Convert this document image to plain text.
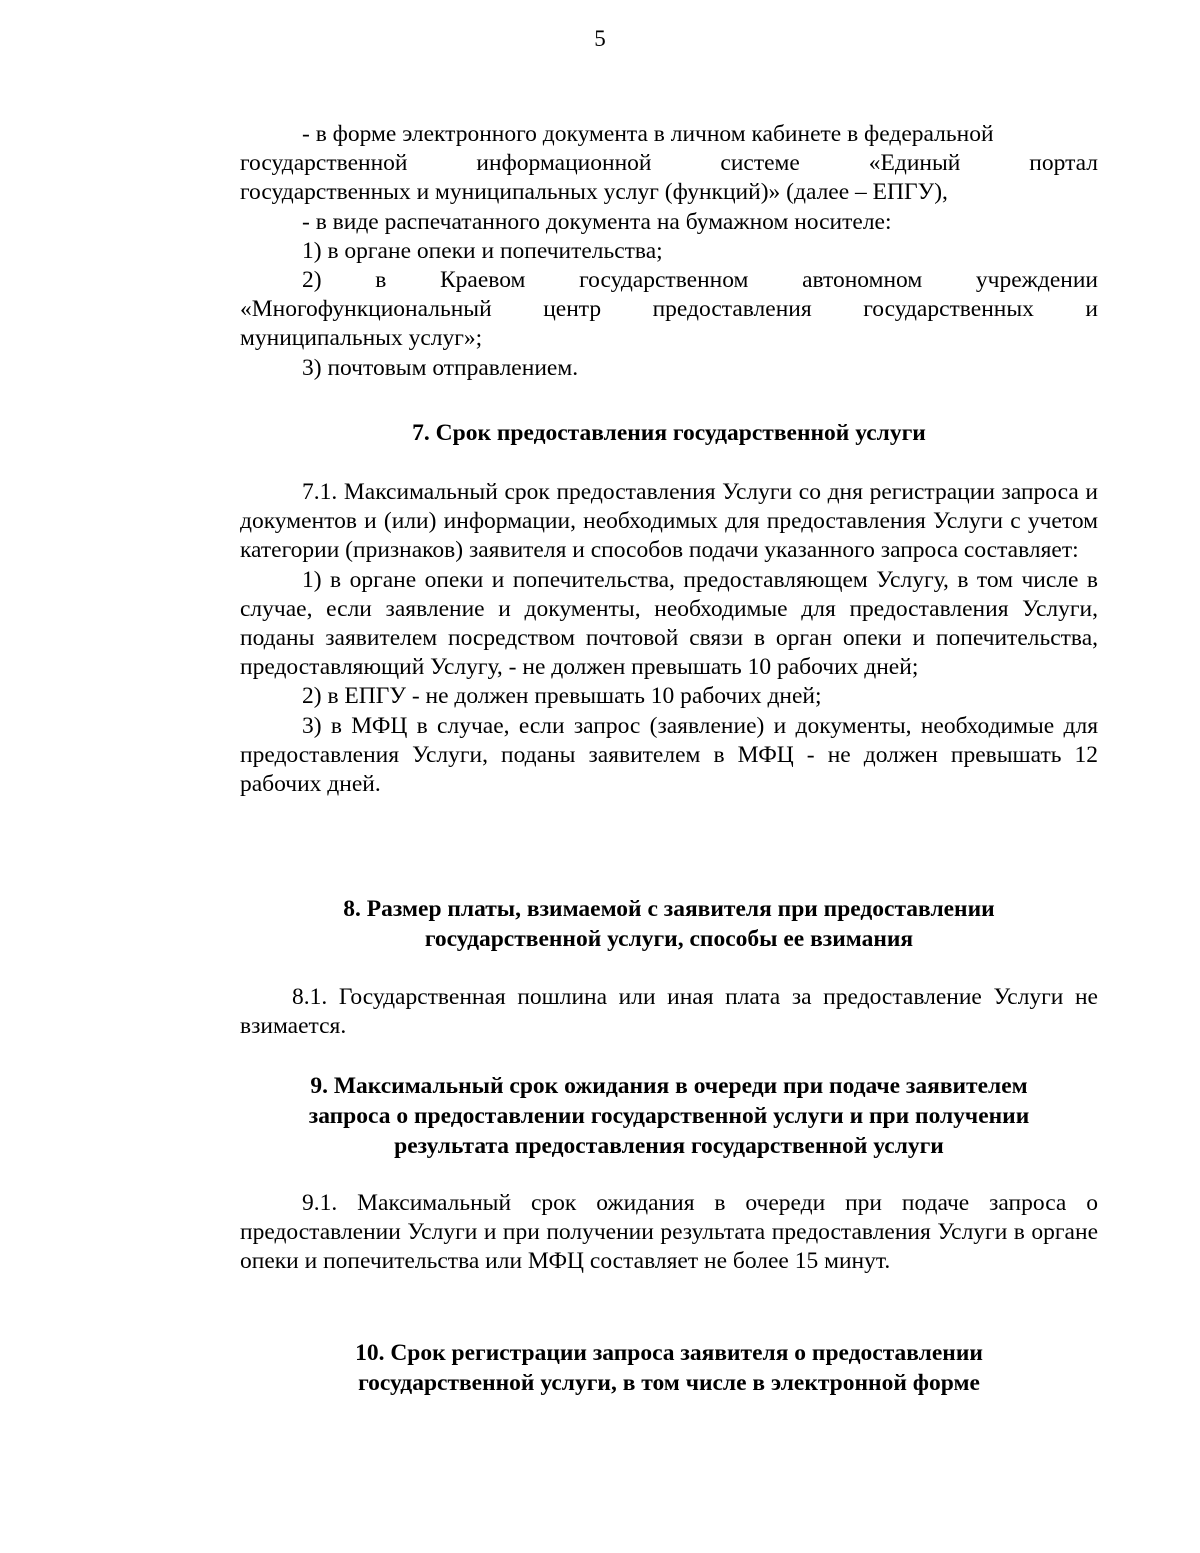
5

- в форме электронного документа в личном кабинете в федеральной

государственной информационной системе «Единый портал

государственных и муниципальных услуг (функций)» (далее – ЕПГУ),

- в виде распечатанного документа на бумажном носителе:

1) в органе опеки и попечительства;

2) в Краевом государственном автономном учреждении

«Многофункциональный центр предоставления государственных и

муниципальных услуг»;

3) почтовым отправлением.

7. Срок предоставления государственной услуги

7.1. Максимальный срок предоставления Услуги со дня регистрации запроса и документов и (или) информации, необходимых для предоставления Услуги с учетом категории (признаков) заявителя и способов подачи указанного запроса составляет:

1) в органе опеки и попечительства, предоставляющем Услугу, в том числе в случае, если заявление и документы, необходимые для предоставления Услуги, поданы заявителем посредством почтовой связи в орган опеки и попечительства, предоставляющий Услугу, - не должен превышать 10 рабочих дней;

2) в ЕПГУ - не должен превышать 10 рабочих дней;

3) в МФЦ в случае, если запрос (заявление) и документы, необходимые для предоставления Услуги, поданы заявителем в МФЦ - не должен превышать 12 рабочих дней.

8. Размер платы, взимаемой с заявителя при предоставлении
государственной услуги, способы ее взимания

8.1. Государственная пошлина или иная плата за предоставление Услуги не взимается.

9. Максимальный срок ожидания в очереди при подаче заявителем
запроса о предоставлении государственной услуги и при получении
результата предоставления государственной услуги

9.1. Максимальный срок ожидания в очереди при подаче запроса о предоставлении Услуги и при получении результата предоставления Услуги в органе опеки и попечительства или МФЦ составляет не более 15 минут.

10. Срок регистрации запроса заявителя о предоставлении
государственной услуги, в том числе в электронной форме
